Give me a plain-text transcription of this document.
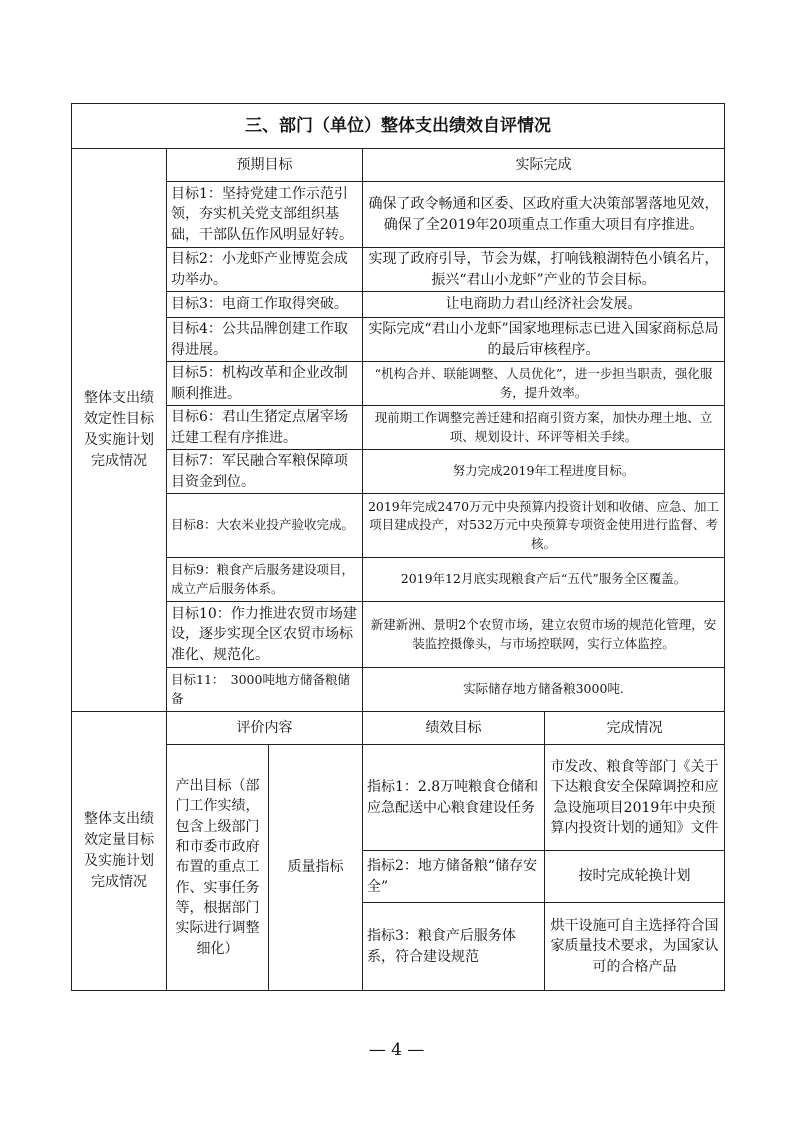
三、部门（单位）整体支出绩效自评情况				
整体支出绩效定性目标及实施计划完成情况	预期目标		实际完成	
	目标1：坚持党建工作示范引领，夯实机关党支部组织基础，干部队伍作风明显好转。		确保了政令畅通和区委、区政府重大决策部署落地见效，确保了全2019年20项重点工作重大项目有序推进。	
	目标2：小龙虾产业博览会成功举办。		实现了政府引导，节会为媒，打响钱粮湖特色小镇名片，振兴“君山小龙虾”产业的节会目标。	
	目标3：电商工作取得突破。		让电商助力君山经济社会发展。	
	目标4：公共品牌创建工作取得进展。		实际完成“君山小龙虾”国家地理标志已进入国家商标总局的最后审核程序。	
	目标5：机构改革和企业改制顺利推进。		“机构合并、联能调整、人员优化”，进一步担当职责，强化服务，提升效率。	
	目标6：君山生猪定点屠宰场迁建工程有序推进。		现前期工作调整完善迁建和招商引资方案，加快办理土地、立项、规划设计、环评等相关手续。	
	目标7：军民融合军粮保障项目资金到位。		努力完成2019年工程进度目标。	
	目标8：大农米业投产验收完成。		2019年完成2470万元中央预算内投资计划和收储、应急、加工项目建成投产，对532万元中央预算专项资金使用进行监督、考核。	
	目标9：粮食产后服务建设项目，成立产后服务体系。		2019年12月底实现粮食产后“五代”服务全区覆盖。	
	目标10：作力推进农贸市场建设，逐步实现全区农贸市场标准化、规范化。		新建新洲、景明2个农贸市场，建立农贸市场的规范化管理，安装监控摄像头，与市场控联网，实行立体监控。	
	目标11：　3000吨地方储备粮储备		实际储存地方储备粮3000吨.	
整体支出绩效定量目标及实施计划完成情况	评价内容		绩效目标	完成情况
	产出目标（部门工作实绩，包含上级部门和市委市政府布置的重点工作、实事任务等，根据部门实际进行调整细化）	质量指标	指标1：2.8万吨粮食仓储和应急配送中心粮食建设任务	市发改、粮食等部门《关于下达粮食安全保障调控和应急设施项目2019年中央预算内投资计划的通知》文件
			指标2：地方储备粮“储存安全”	按时完成轮换计划
			指标3：粮食产后服务体系，符合建设规范	烘干设施可自主选择符合国家质量技术要求，为国家认可的合格产品
— 4 —
